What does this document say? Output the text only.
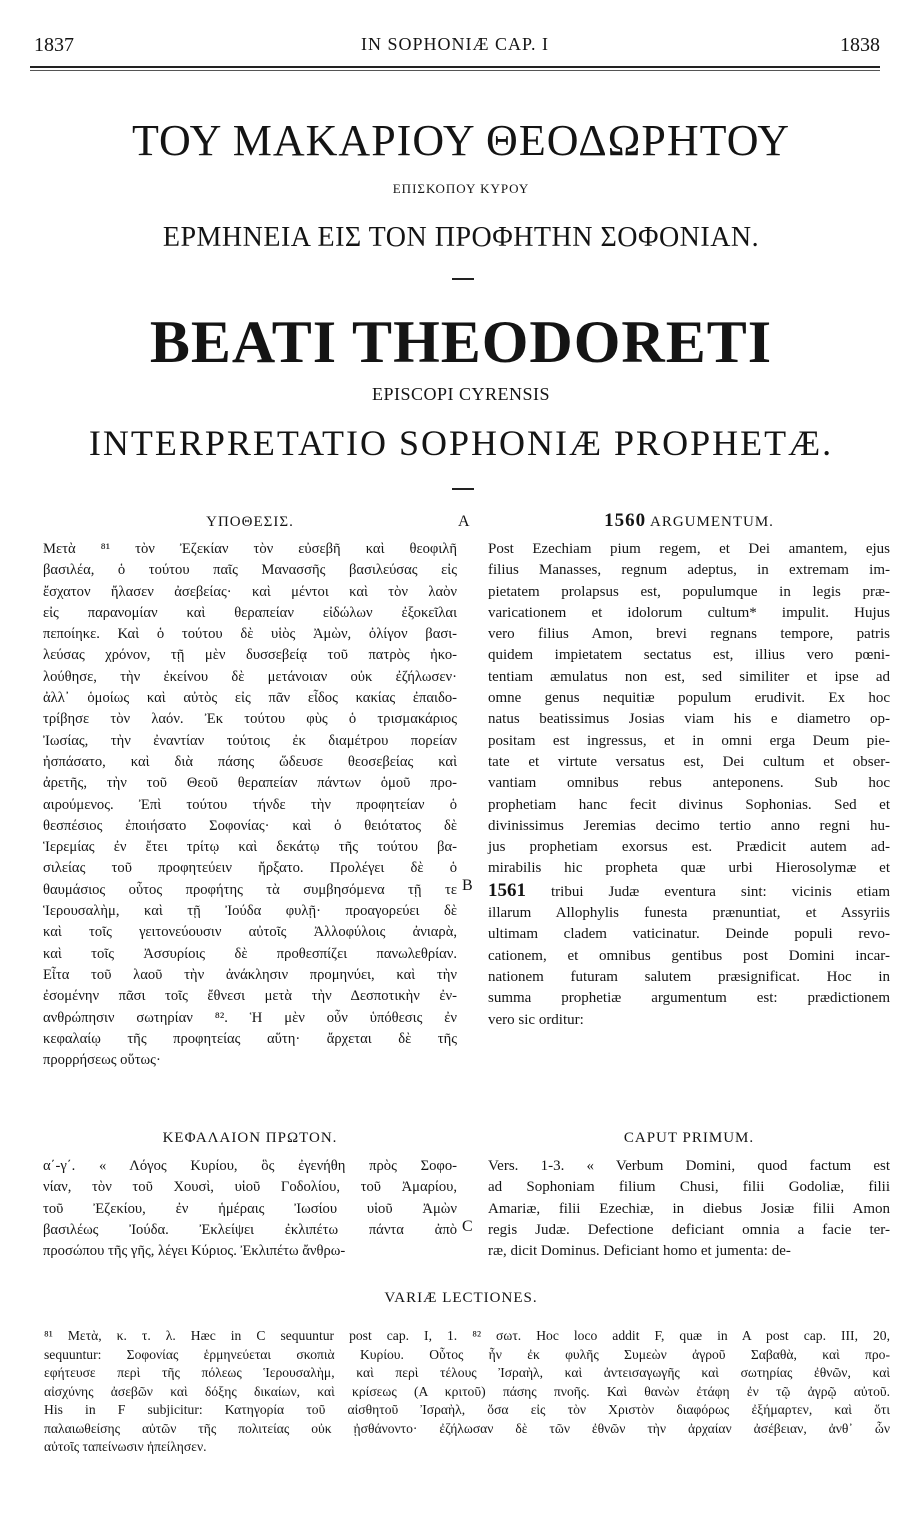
1837	IN SOPHONIÆ CAP. I	1838
ΤΟΥ ΜΑΚΑΡΙΟΥ ΘΕΟΔΩΡΗΤΟΥ
ΕΠΙΣΚΟΠΟΥ ΚΥΡΟΥ
ΕΡΜΗΝΕΙΑ ΕΙΣ ΤΟΝ ΠΡΟΦΗΤΗΝ ΣΟΦΟΝΙΑΝ.
BEATI THEODORETI
EPISCOPI CYRENSIS
INTERPRETATIO SOPHONIÆ PROPHETÆ.
ΥΠΟΘΕΣΙΣ.	1560 ARGUMENTUM.
A
B
C
Μετὰ ⁸¹ τὸν Ἐζεκίαν τὸν εὐσεβῆ καὶ θεοφιλῆ
βασιλέα, ὁ τούτου παῖς Μανασσῆς βασιλεύσας εἰς
ἔσχατον ἤλασεν ἀσεβείας· καὶ μέντοι καὶ τὸν λαὸν
εἰς παρανομίαν καὶ θεραπείαν εἰδώλων ἐξοκεῖλαι
πεποίηκε. Καὶ ὁ τούτου δὲ υἱὸς Ἀμὼν, ὀλίγον βασι-
λεύσας χρόνον, τῇ μὲν δυσσεβείᾳ τοῦ πατρὸς ἠκο-
λούθησε, τὴν ἐκείνου δὲ μετάνοιαν οὐκ ἐζήλωσεν·
ἀλλ᾽ ὁμοίως καὶ αὐτὸς εἰς πᾶν εἶδος κακίας ἐπαιδο-
τρίβησε τὸν λαόν. Ἐκ τούτου φὺς ὁ τρισμακάριος
Ἰωσίας, τὴν ἐναντίαν τούτοις ἐκ διαμέτρου πορείαν
ἠσπάσατο, καὶ διὰ πάσης ὥδευσε θεοσεβείας καὶ
ἀρετῆς, τὴν τοῦ Θεοῦ θεραπείαν πάντων ὁμοῦ προ-
αιρούμενος. Ἐπὶ τούτου τήνδε τὴν προφητείαν ὁ
θεσπέσιος ἐποιήσατο Σοφονίας· καὶ ὁ θειότατος δὲ
Ἱερεμίας ἐν ἔτει τρίτῳ καὶ δεκάτῳ τῆς τούτου βα-
σιλείας τοῦ προφητεύειν ἤρξατο. Προλέγει δὲ ὁ
θαυμάσιος οὗτος προφήτης τὰ συμβησόμενα τῇ τε
Ἱερουσαλὴμ, καὶ τῇ Ἰούδα φυλῇ· προαγορεύει δὲ
καὶ τοῖς γειτονεύουσιν αὐτοῖς Ἀλλοφύλοις ἀνιαρὰ,
καὶ τοῖς Ἀσσυρίοις δὲ προθεσπίζει πανωλεθρίαν.
Εἶτα τοῦ λαοῦ τὴν ἀνάκλησιν προμηνύει, καὶ τὴν
ἐσομένην πᾶσι τοῖς ἔθνεσι μετὰ τὴν Δεσποτικὴν ἐν-
ανθρώπησιν σωτηρίαν ⁸². Ἡ μὲν οὖν ὑπόθεσις ἐν
κεφαλαίῳ τῆς προφητείας αὕτη· ἄρχεται δὲ τῆς
προρρήσεως οὕτως·
ΚΕΦΑΛΑΙΟΝ ΠΡΩΤΟΝ.
α΄-γ΄. « Λόγος Κυρίου, ὃς ἐγενήθη πρὸς Σοφο-
νίαν, τὸν τοῦ Χουσὶ, υἱοῦ Γοδολίου, τοῦ Ἀμαρίου,
τοῦ Ἐζεκίου, ἐν ἡμέραις Ἰωσίου υἱοῦ Ἀμὼν
βασιλέως Ἰούδα. Ἐκλείψει ἐκλιπέτω πάντα ἀπὸ
προσώπου τῆς γῆς, λέγει Κύριος. Ἐκλιπέτω ἄνθρω-
Post Ezechiam pium regem, et Dei amantem, ejus
filius Manasses, regnum adeptus, in extremam im-
pietatem prolapsus est, populumque in legis præ-
varicationem et idolorum cultum* impulit. Hujus
vero filius Amon, brevi regnans tempore, patris
quidem impietatem sectatus est, illius vero pœni-
tentiam æmulatus non est, sed similiter et ipse ad
omne genus nequitiæ populum erudivit. Ex hoc
natus beatissimus Josias viam his e diametro op-
positam est ingressus, et in omni erga Deum pie-
tate et virtute versatus est, Dei cultum et obser-
vantiam omnibus rebus anteponens. Sub hoc
prophetiam hanc fecit divinus Sophonias. Sed et
divinissimus Jeremias decimo tertio anno regni hu-
jus prophetiam exorsus est. Prædicit autem ad-
mirabilis hic propheta quæ urbi Hierosolymæ et
1561 tribui Judæ eventura sint: vicinis etiam
illarum Allophylis funesta prænuntiat, et Assyriis
ultimam cladem vaticinatur. Deinde populi revo-
cationem, et omnibus gentibus post Domini incar-
nationem futuram salutem præsignificat. Hoc in
summa prophetiæ argumentum est: prædictionem
vero sic orditur:
CAPUT PRIMUM.
Vers. 1-3. « Verbum Domini, quod factum est
ad Sophoniam filium Chusi, filii Godoliæ, filii
Amariæ, filii Ezechiæ, in diebus Josiæ filii Amon
regis Judæ. Defectione deficiant omnia a facie ter-
ræ, dicit Dominus. Deficiant homo et jumenta: de-
VARIÆ LECTIONES.
⁸¹ Μετὰ, κ. τ. λ. Hæc in C sequuntur post cap. I, 1. ⁸² σωτ. Hoc loco addit F, quæ in A post cap. III, 20,
sequuntur: Σοφονίας ἑρμηνεύεται σκοπιὰ Κυρίου. Οὗτος ἦν ἐκ φυλῆς Συμεὼν ἀγροῦ Σαβαθὰ, καὶ προ-
εφήτευσε περὶ τῆς πόλεως Ἱερουσαλὴμ, καὶ περὶ τέλους Ἰσραὴλ, καὶ ἀντεισαγωγῆς καὶ σωτηρίας ἐθνῶν, καὶ
αἰσχύνης ἀσεβῶν καὶ δόξης δικαίων, καὶ κρίσεως (Α κριτοῦ) πάσης πνοῆς. Καὶ θανὼν ἐτάφη ἐν τῷ ἀγρῷ αὐτοῦ.
His in F subjicitur: Κατηγορία τοῦ αἰσθητοῦ Ἰσραὴλ, ὅσα εἰς τὸν Χριστὸν διαφόρως ἐξήμαρτεν, καὶ ὅτι
παλαιωθείσης αὐτῶν τῆς πολιτείας οὐκ ᾐσθάνοντο· ἐζήλωσαν δὲ τῶν ἐθνῶν τὴν ἀρχαίαν ἀσέβειαν, ἀνθ᾽ ὧν
αὐτοῖς ταπείνωσιν ἠπείλησεν.
